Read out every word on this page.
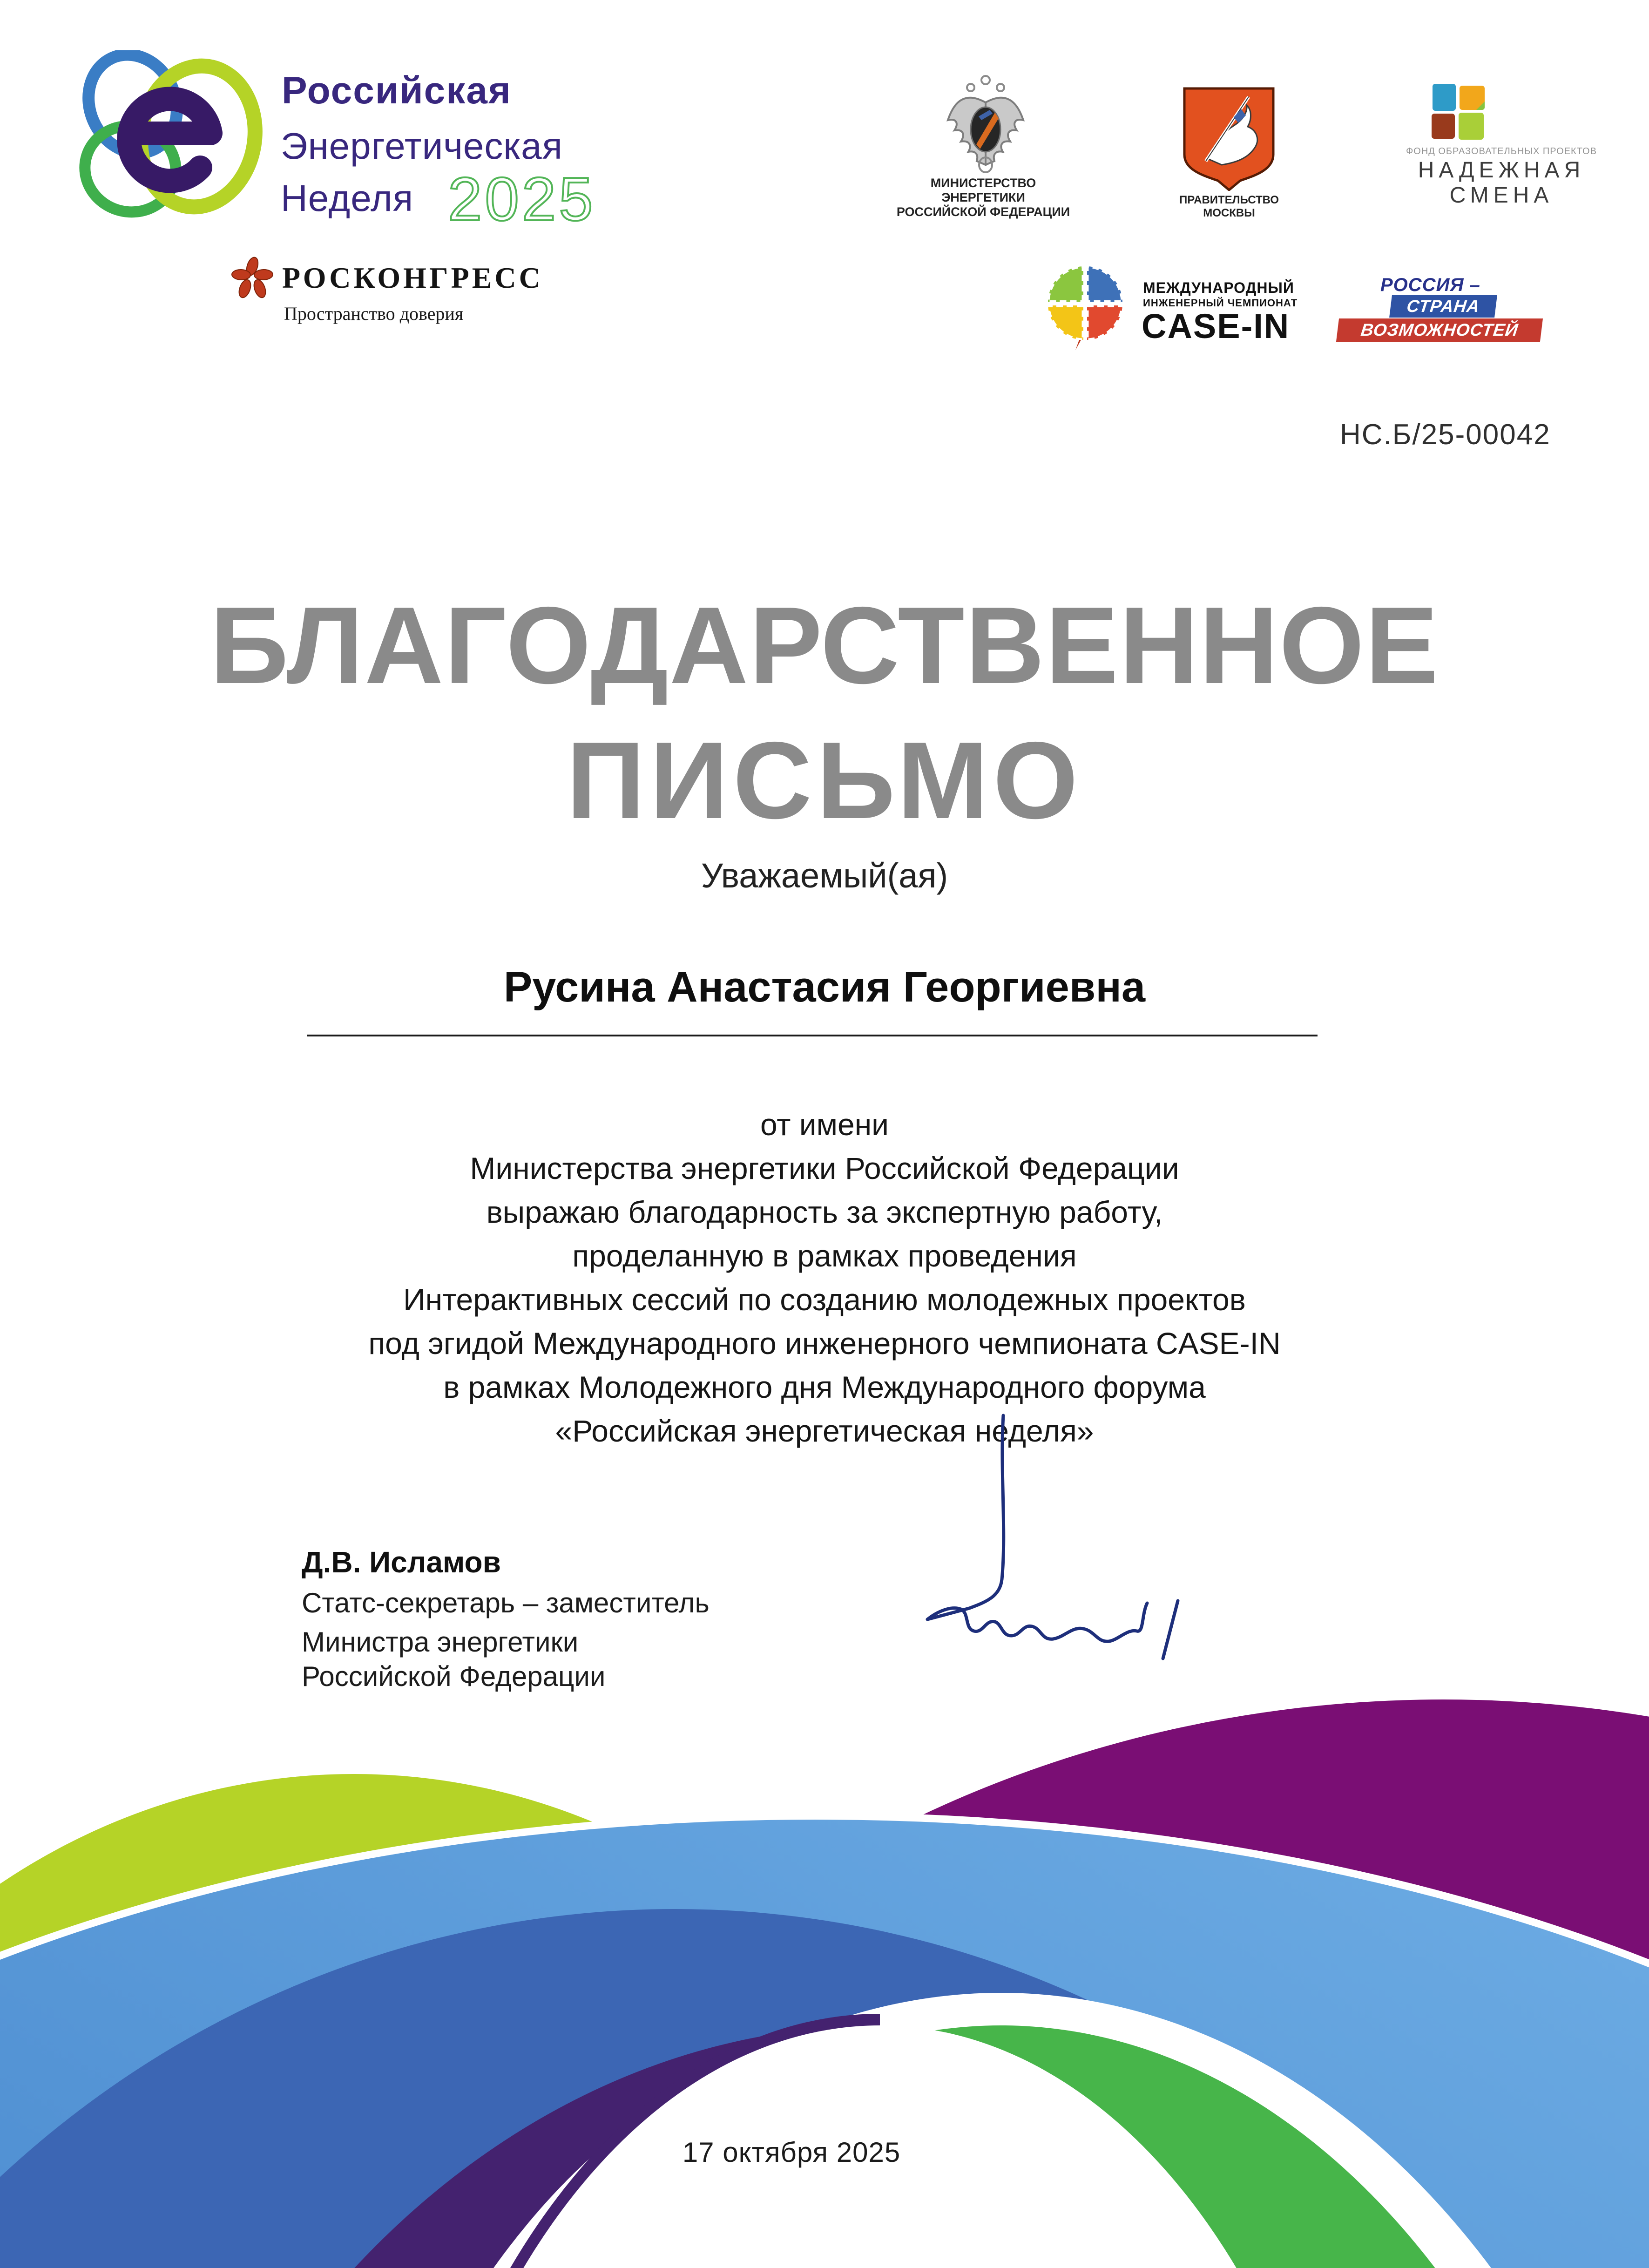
Российская
Энергетическая
Неделя 2025
РОСКОНГРЕСС
Пространство доверия
МИНИСТЕРСТВО ЭНЕРГЕТИКИ
РОССИЙСКОЙ ФЕДЕРАЦИИ
ПРАВИТЕЛЬСТВО МОСКВЫ
ФОНД ОБРАЗОВАТЕЛЬНЫХ ПРОЕКТОВ
НАДЕЖНАЯ
СМЕНА
МЕЖДУНАРОДНЫЙ
ИНЖЕНЕРНЫЙ ЧЕМПИОНАТ
CASE-IN
РОССИЯ –
СТРАНА
ВОЗМОЖНОСТЕЙ
НС.Б/25-00042
БЛАГОДАРСТВЕННОЕ
ПИСЬМО
Уважаемый(ая)
Русина Анастасия Георгиевна
от имени
Министерства энергетики Российской Федерации
выражаю благодарность за экспертную работу,
проделанную в рамках проведения
Интерактивных сессий по созданию молодежных проектов
под эгидой Международного инженерного чемпионата CASE-IN
в рамках Молодежного дня Международного форума
«Российская энергетическая неделя»
Д.В. Исламов
Статс-секретарь – заместитель
Министра энергетики
Российской Федерации
17 октября 2025
